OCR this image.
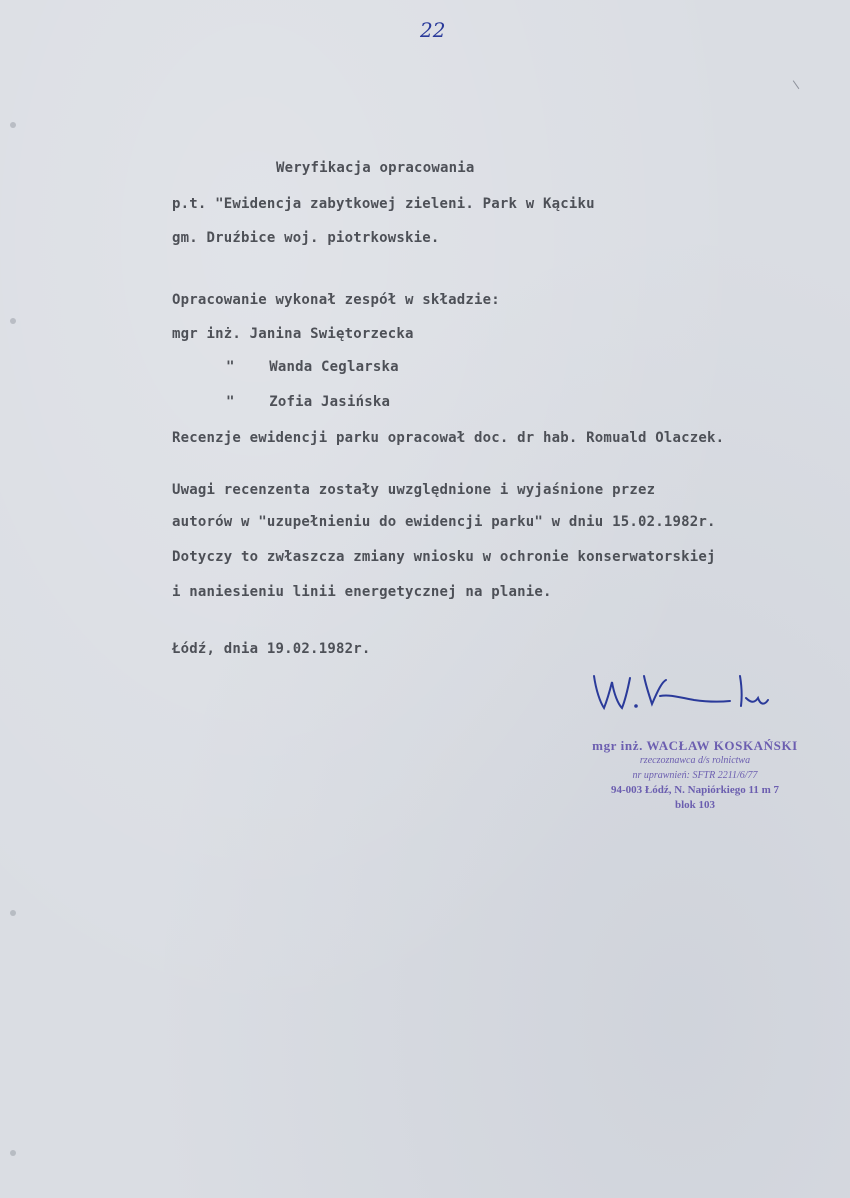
22
Weryfikacja opracowania
p.t. "Ewidencja zabytkowej zieleni. Park w Kąciku
gm. Druźbice woj. piotrkowskie.
Opracowanie wykonał zespół w składzie:
mgr inż. Janina Swiętorzecka
" Wanda Ceglarska
" Zofia Jasińska
Recenzje ewidencji parku opracował doc. dr hab. Romuald Olaczek.
Uwagi recenzenta zostały uwzględnione i wyjaśnione przez
autorów w "uzupełnieniu do ewidencji parku" w dniu 15.02.1982r.
Dotyczy to zwłaszcza zmiany wniosku w ochronie konserwatorskiej
i naniesieniu linii energetycznej na planie.
Łódź, dnia 19.02.1982r.
mgr inż. WACŁAW KOSKAŃSKI
rzeczoznawca d/s rolnictwa
nr uprawnień: SFTR 2211/6/77
94-003 Łódź, N. Napiórkiego 11 m 7
blok 103
